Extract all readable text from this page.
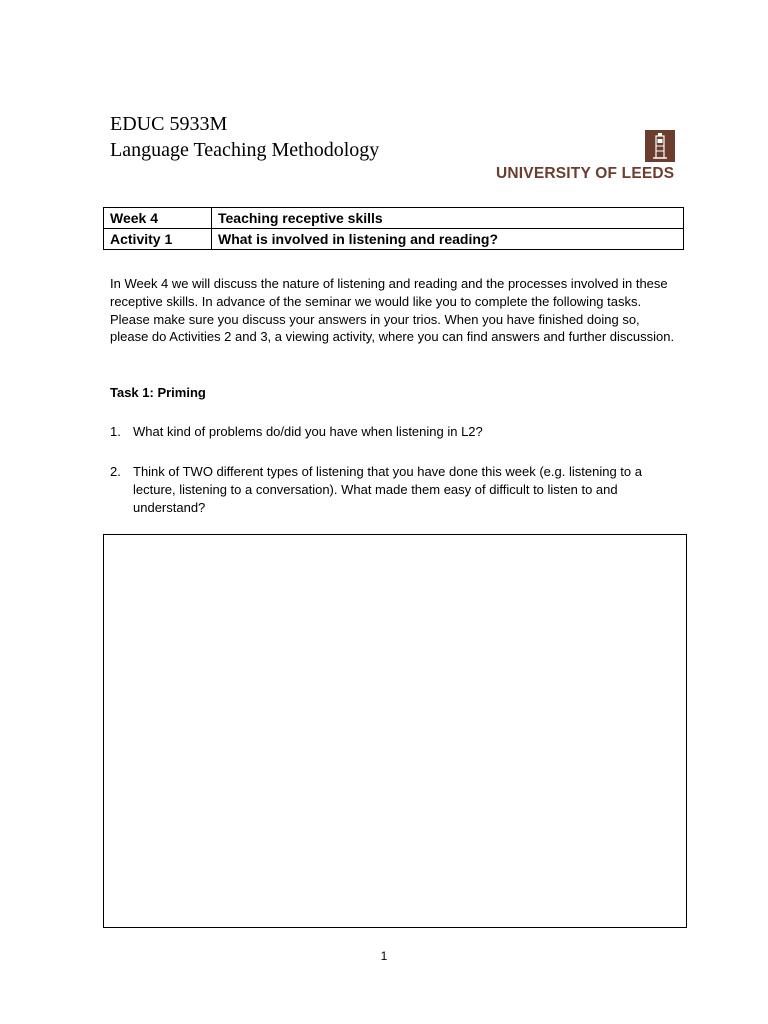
EDUC 5933M
Language Teaching Methodology
UNIVERSITY OF LEEDS
Week 4	Teaching receptive skills
Activity 1	What is involved in listening and reading?
In Week 4 we will discuss the nature of listening and reading and the processes involved in these receptive skills. In advance of the seminar we would like you to complete the following tasks. Please make sure you discuss your answers in your trios. When you have finished doing so, please do Activities 2 and 3, a viewing activity, where you can find answers and further discussion.
Task 1: Priming
1. What kind of problems do/did you have when listening in L2?
2. Think of TWO different types of listening that you have done this week (e.g. listening to a lecture, listening to a conversation). What made them easy of difficult to listen to and understand?
1
